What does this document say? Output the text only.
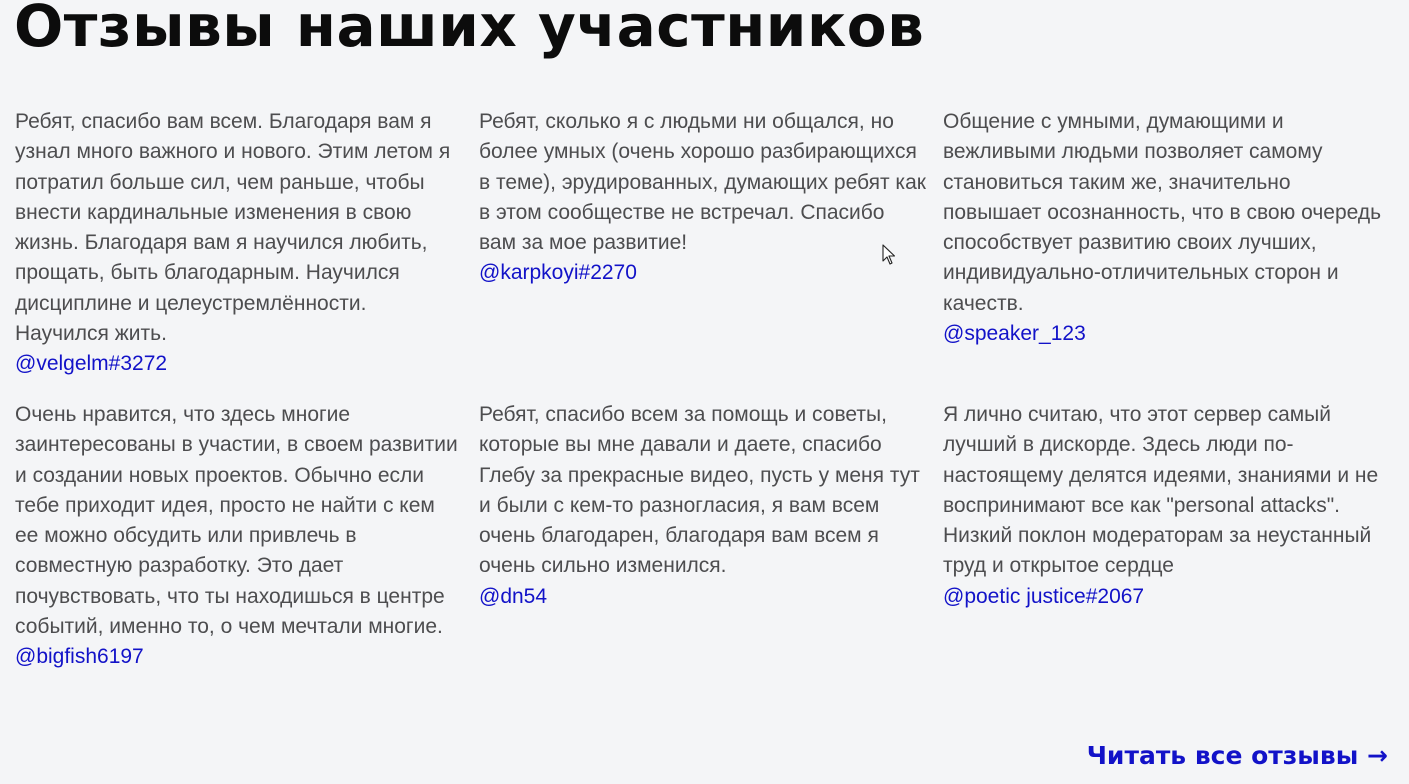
Отзывы наших участников

Ребят, спасибо вам всем. Благодаря вам я узнал много важного и нового. Этим летом я потратил больше сил, чем раньше, чтобы внести кардинальные изменения в свою жизнь. Благодаря вам я научился любить, прощать, быть благодарным. Научился дисциплине и целеустремлённости. Научился жить.

@velgelm#3272

Ребят, сколько я с людьми ни общался, но более умных (очень хорошо разбирающихся в теме), эрудированных, думающих ребят как в этом сообществе не встречал. Спасибо вам за мое развитие!

@karpkoyi#2270

Общение с умными, думающими и вежливыми людьми позволяет самому становиться таким же, значительно повышает осознанность, что в свою очередь способствует развитию своих лучших, индивидуально-отличительных сторон и качеств.

@speaker_123

Очень нравится, что здесь многие заинтересованы в участии, в своем развитии и создании новых проектов. Обычно если тебе приходит идея, просто не найти с кем ее можно обсудить или привлечь в совместную разработку. Это дает почувствовать, что ты находишься в центре событий, именно то, о чем мечтали многие.

@bigfish6197

Ребят, спасибо всем за помощь и советы, которые вы мне давали и даете, спасибо Глебу за прекрасные видео, пусть у меня тут и были с кем-то разногласия, я вам всем очень благодарен, благодаря вам всем я очень сильно изменился.

@dn54

Я лично считаю, что этот сервер самый лучший в дискорде. Здесь люди по-настоящему делятся идеями, знаниями и не воспринимают все как "personal attacks". Низкий поклон модераторам за неустанный труд и открытое сердце

@poetic justice#2067
Читать все отзывы →
